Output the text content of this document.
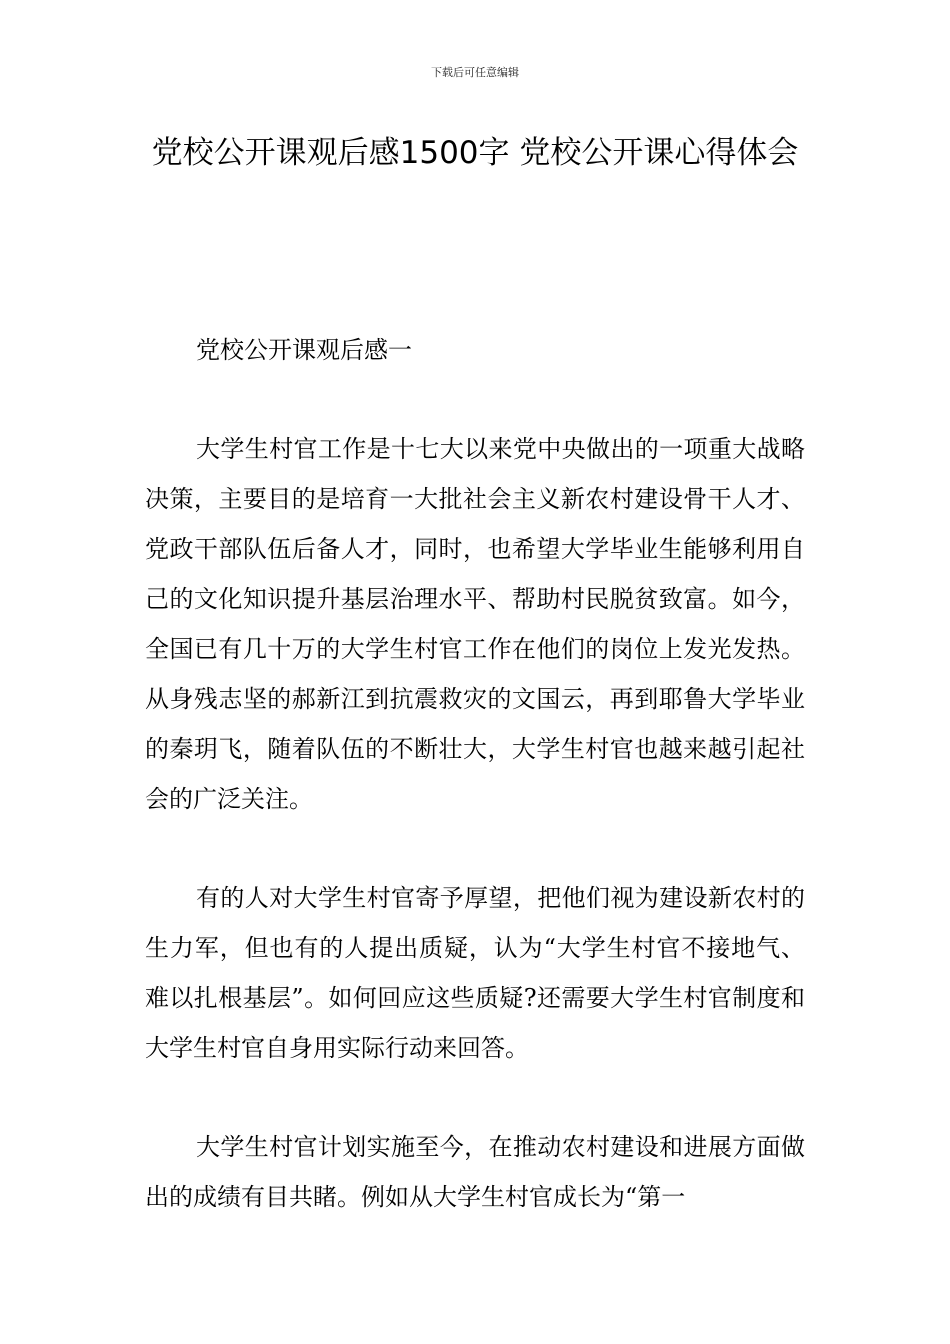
下载后可任意编辑
党校公开课观后感1500字 党校公开课心得体会

党校公开课观后感一

大学生村官工作是十七大以来党中央做出的一项重大战略决策，主要目的是培育一大批社会主义新农村建设骨干人才、党政干部队伍后备人才，同时，也希望大学毕业生能够利用自己的文化知识提升基层治理水平、帮助村民脱贫致富。如今，全国已有几十万的大学生村官工作在他们的岗位上发光发热。从身残志坚的郝新江到抗震救灾的文国云，再到耶鲁大学毕业的秦玥飞，随着队伍的不断壮大，大学生村官也越来越引起社会的广泛关注。

有的人对大学生村官寄予厚望，把他们视为建设新农村的生力军，但也有的人提出质疑，认为“大学生村官不接地气、难以扎根基层”。如何回应这些质疑?还需要大学生村官制度和大学生村官自身用实际行动来回答。

大学生村官计划实施至今，在推动农村建设和进展方面做出的成绩有目共睹。例如从大学生村官成长为“第一
